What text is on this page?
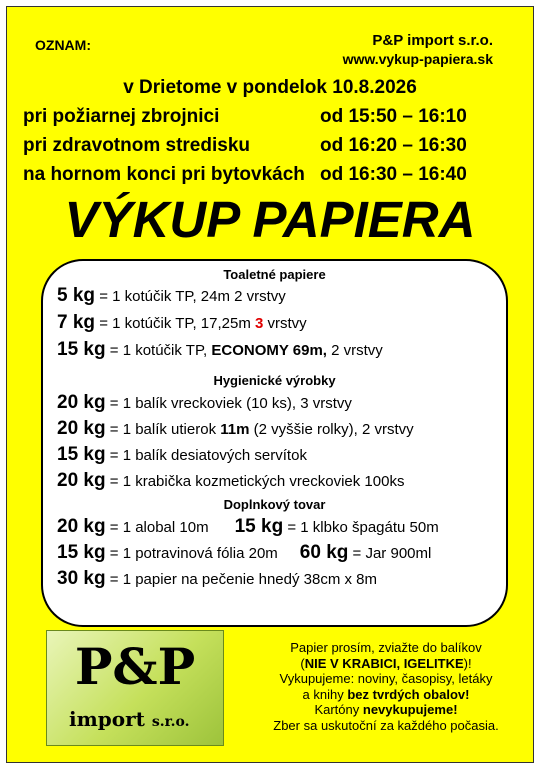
OZNAM:	P&P import s.r.o.
www.vykup-papiera.sk
v Drietome v pondelok 10.8.2026
pri požiarnej zbrojnici	od 15:50 – 16:10
pri zdravotnom stredisku	od 16:20 – 16:30
na hornom konci pri bytovkách od 16:30 – 16:40
VÝKUP PAPIERA
Toaletné papiere
5 kg = 1 kotúčik TP, 24m 2 vrstvy
7 kg = 1 kotúčik TP, 17,25m 3 vrstvy
15 kg = 1 kotúčik TP, ECONOMY 69m, 2 vrstvy
Hygienické výrobky
20 kg = 1 balík vreckoviek (10 ks), 3 vrstvy
20 kg = 1 balík utierok 11m (2 vyššie rolky), 2 vrstvy
15 kg = 1 balík desiatových servítok
20 kg = 1 krabička kozmetických vreckoviek 100ks
Doplnkový tovar
20 kg = 1 alobal 10m 15 kg = 1 klbko špagátu 50m
15 kg = 1 potravinová fólia 20m 60 kg = Jar 900ml
30 kg = 1 papier na pečenie hnedý 38cm x 8m
P&P
import s.r.o.
Papier prosím, zviažte do balíkov
(NIE V KRABICI, IGELITKE)!
Vykupujeme: noviny, časopisy, letáky
a knihy bez tvrdých obalov!
Kartóny nevykupujeme!
Zber sa uskutoční za každého počasia.
